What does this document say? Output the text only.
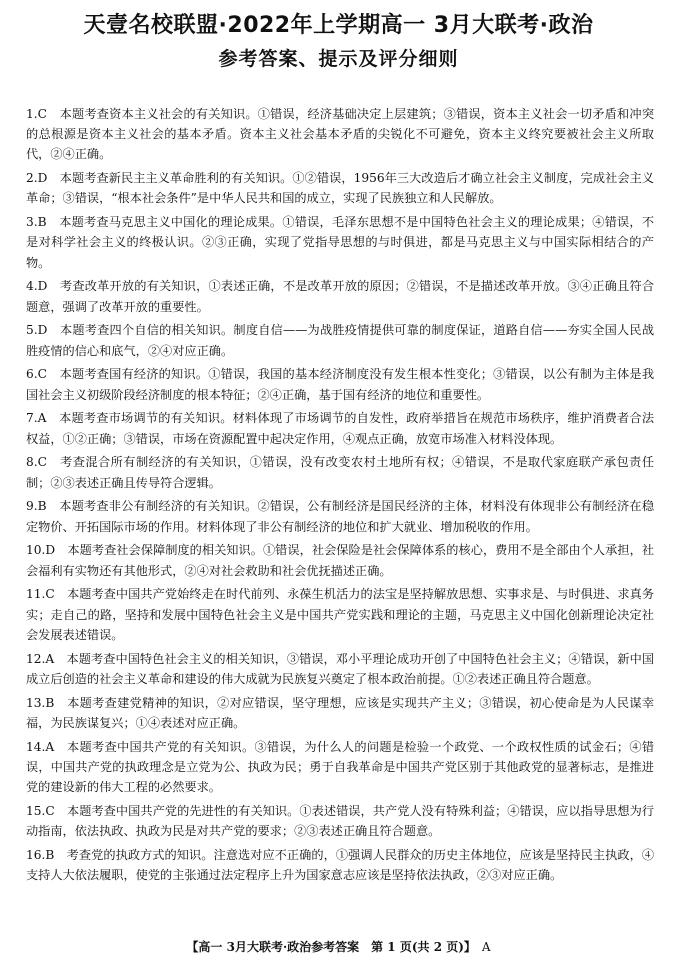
天壹名校联盟·2022年上学期高一 3月大联考·政治
参考答案、提示及评分细则

1.C　 本题考查资本主义社会的有关知识。①错误，经济基础决定上层建筑；③错误，资本主义社会一切矛盾和冲突的总根源是资本主义社会的基本矛盾。资本主义社会基本矛盾的尖锐化不可避免，资本主义终究要被社会主义所取代，②④正确。

2.D　 本题考查新民主主义革命胜利的有关知识。①②错误，1956年三大改造后才确立社会主义制度，完成社会主义革命；③错误，“根本社会条件”是中华人民共和国的成立，实现了民族独立和人民解放。

3.B　 本题考查马克思主义中国化的理论成果。①错误，毛泽东思想不是中国特色社会主义的理论成果；④错误，不是对科学社会主义的终极认识。②③正确，实现了党指导思想的与时俱进，都是马克思主义与中国实际相结合的产物。

4.D　 考查改革开放的有关知识，①表述正确，不是改革开放的原因；②错误，不是描述改革开放。③④正确且符合题意，强调了改革开放的重要性。

5.D　 本题考查四个自信的相关知识。制度自信——为战胜疫情提供可靠的制度保证，道路自信——夯实全国人民战胜疫情的信心和底气，②④对应正确。

6.C　 本题考查国有经济的知识。①错误，我国的基本经济制度没有发生根本性变化；③错误，以公有制为主体是我国社会主义初级阶段经济制度的根本特征；②④正确，基于国有经济的地位和重要性。

7.A　 本题考查市场调节的有关知识。材料体现了市场调节的自发性，政府举措旨在规范市场秩序，维护消费者合法权益，①②正确；③错误，市场在资源配置中起决定作用，④观点正确，放宽市场准入材料没体现。

8.C　 考查混合所有制经济的有关知识，①错误，没有改变农村土地所有权；④错误，不是取代家庭联产承包责任制；②③表述正确且传导符合逻辑。

9.B　 本题考查非公有制经济的有关知识。②错误，公有制经济是国民经济的主体，材料没有体现非公有制经济在稳定物价、开拓国际市场的作用。材料体现了非公有制经济的地位和扩大就业、增加税收的作用。

10.D　 本题考查社会保障制度的相关知识。①错误，社会保险是社会保障体系的核心，费用不是全部由个人承担，社会福利有实物还有其他形式，②④对社会救助和社会优抚描述正确。

11.C　 本题考查中国共产党始终走在时代前列、永葆生机活力的法宝是坚持解放思想、实事求是、与时俱进、求真务实；走自己的路，坚持和发展中国特色社会主义是中国共产党实践和理论的主题，马克思主义中国化创新理论决定社会发展表述错误。

12.A　 本题考查中国特色社会主义的相关知识，③错误，邓小平理论成功开创了中国特色社会主义；④错误，新中国成立后创造的社会主义革命和建设的伟大成就为民族复兴奠定了根本政治前提。①②表述正确且符合题意。

13.B　 本题考查建党精神的知识，②对应错误，坚守理想，应该是实现共产主义；③错误，初心使命是为人民谋幸福，为民族谋复兴；①④表述对应正确。

14.A　 本题考查中国共产党的有关知识。③错误，为什么人的问题是检验一个政党、一个政权性质的试金石；④错误，中国共产党的执政理念是立党为公、执政为民；勇于自我革命是中国共产党区别于其他政党的显著标志，是推进党的建设新的伟大工程的必然要求。

15.C　 本题考查中国共产党的先进性的有关知识。①表述错误，共产党人没有特殊利益；④错误，应以指导思想为行动指南，依法执政、执政为民是对共产党的要求；②③表述正确且符合题意。

16.B　 考查党的执政方式的知识。注意选对应不正确的，①强调人民群众的历史主体地位，应该是坚持民主执政，④支持人大依法履职，使党的主张通过法定程序上升为国家意志应该是坚持依法执政，②③对应正确。

【高一 3月大联考·政治参考答案　第 1 页(共 2 页)】 A
